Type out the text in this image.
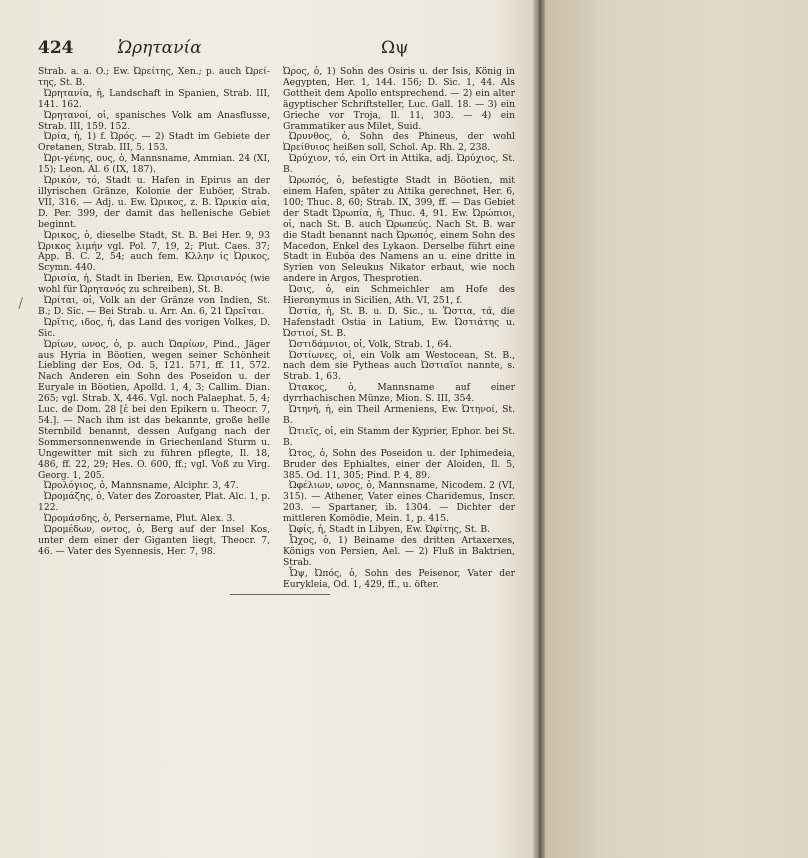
424	Ὠρητανία	Ωψ

Strab. a. a. O.; Ew. Ὠρείτης, Xen.; p. auch Ὠρεί-της, St. B.

Ὠρητανία, ἡ, Landschaft in Spanien, Strab. III, 141. 162.

Ὠρητανοί, οἱ, spanisches Volk am Anasflusse, Strab. III, 159. 152.

Ὠρία, ἡ, 1) f. Ὠρός. — 2) Stadt im Gebiete der Oretanen, Strab. III, 5. 153.

Ὠρι-γένης, ους, ὁ, Mannsname, Ammian. 24 (XI, 15); Leon. Al. 6 (IX, 187).

Ὠρικόν, τό, Stadt u. Hafen in Epirus an der illyrischen Gränze, Kolonie der Euböer, Strab. VII, 316. — Adj. u. Ew. Ὠρικος, z. B. Ὠρικία αἰα, D. Per. 399, der damit das hellenische Gebiet beginnt.

Ὠρικος, ὁ, dieselbe Stadt, St. B. Bei Her. 9, 93 Ὠρικος λιμήν vgl. Pol. 7, 19, 2; Plut. Caes. 37; App. B. C. 2, 54; auch fem. Κλλην ίς Ὠρικος, Scymn. 440.

Ὠρισία, ἡ, Stadt in Iberien, Ew. Ὠρισιανός (wie wohl für Ὠρητανός zu schreiben), St. B.

Ὠρίται, οἱ, Volk an der Gränze von Indien, St. B.; D. Sic. — Bei Strab. u. Arr. An. 6, 21 Ὠρεῖται.

Ὠρῖτις, ιδος, ἡ, das Land des vorigen Volkes, D. Sic.

Ὠρίων, ωνος, ὁ, p. auch Ὠαρίων, Pind., Jäger aus Hyria in Böotien, wegen seiner Schönheit Liebling der Eos, Od. 5, 121. 571, ff. 11, 572. Nach Anderen ein Sohn des Poseidon u. der Euryale in Böotien, Apolld. 1, 4, 3; Callim. Dian. 265; vgl. Strab. X, 446. Vgl. noch Palaephat. 5, 4; Luc. de Dom. 28 [ἐ bei den Epikern u. Theocr. 7, 54.]. — Nach ihm ist das bekannte, große helle Sternbild benannt, dessen Aufgang nach der Sommersonnenwende in Griechenland Sturm u. Ungewitter mit sich zu führen pflegte, Il. 18, 486, ff. 22, 29; Hes. O. 600, ff.; vgl. Voß zu Virg. Georg. 1, 205.

Ὠρολόγιος, ὁ, Mannsname, Alciphr. 3, 47.

Ὠρομάζης, ὁ, Vater des Zoroaster, Plat. Alc. 1, p. 122.

Ὠρομάσδης, ὁ, Persername, Plut. Alex. 3.

Ὠρομέδων, οντος, ὁ, Berg auf der Insel Kos, unter dem einer der Giganten liegt, Theocr. 7, 46. — Vater des Syennesis, Her. 7, 98.

Ὠρος, ὁ, 1) Sohn des Osiris u. der Isis, König in Aegypten, Her. 1, 144. 156; D. Sic. 1, 44. Als Gottheit dem Apollo entsprechend. — 2) ein alter ägyptischer Schriftsteller, Luc. Gall. 18. — 3) ein Grieche vor Troja, Il. 11, 303. — 4) ein Grammatiker aus Milet, Suid.

Ὠρυνθος, ὁ, Sohn des Phineus, der wohl Ὠρείθυιος heißen soll, Schol. Ap. Rh. 2, 238.

Ὠρύχιον, τό, ein Ort in Attika, adj. Ὠρύχιος, St. B.

Ὠρωπός, ὁ, befestigte Stadt in Böotien, mit einem Hafen, später zu Attika gerechnet, Her. 6, 100; Thuc. 8, 60; Strab. IX, 399, ff. — Das Gebiet der Stadt Ὠρωπία, ἡ, Thuc. 4, 91. Ew. Ὠρώπιοι, οἱ, nach St. B. auch Ὠρωπεύς. Nach St. B. war die Stadt benannt nach Ὠρωπός, einem Sohn des Macedon, Enkel des Lykaon. Derselbe führt eine Stadt in Euböa des Namens an u. eine dritte in Syrien von Seleukus Nikator erbaut, wie noch andere in Argos, Thesprotien.

Ὠσις, ὁ, ein Schmeichler am Hofe des Hieronymus in Sicilien, Ath. VI, 251, f.

Ὠστία, ἡ, St. B. u. D. Sic., u. Ὤστια, τά, die Hafenstadt Ostia in Latium, Ew. Ὠστιάτης u. Ὠστιοί, St. B.

Ὠστιδάμνιοι, οἱ, Volk, Strab. 1, 64.

Ὠστίωνες, οἱ, ein Volk am Westocean, St. B., nach dem sie Pytheas auch Ὠστιαῖοι nannte, s. Strab. 1, 63.

Ὠτακος, ὁ, Mannsname auf einer dyrrhachischen Münze, Mion. S. III, 354.

Ὠτηνή, ἡ, ein Theil Armeniens, Ew. Ὠτηνοί, St. B.

Ὠτιεῖς, οἱ, ein Stamm der Kyprier, Ephor. bei St. B.

Ὠτος, ὁ, Sohn des Poseidon u. der Iphimedeia, Bruder des Ephialtes, einer der Aloiden, Il. 5, 385. Od. 11, 305; Pind. P. 4, 89.

Ὠφέλιων, ωνος, ὁ, Mannsname, Nicodem. 2 (VI, 315). — Athener, Vater eines Charidemus, Inscr. 203. — Spartaner, ib. 1304. — Dichter der mittleren Komödie, Mein. 1, p. 415.

Ὠφίς, ἡ, Stadt in Libyen, Ew. Ὠφίτης, St. B.

Ὦχος, ὁ, 1) Beiname des dritten Artaxerxes, Königs von Persien, Ael. — 2) Fluß in Baktrien, Strab.

Ὦψ, Ὠπός, ὁ, Sohn des Peisenor, Vater der Eurykleia, Od. 1, 429, ff., u. öfter.
